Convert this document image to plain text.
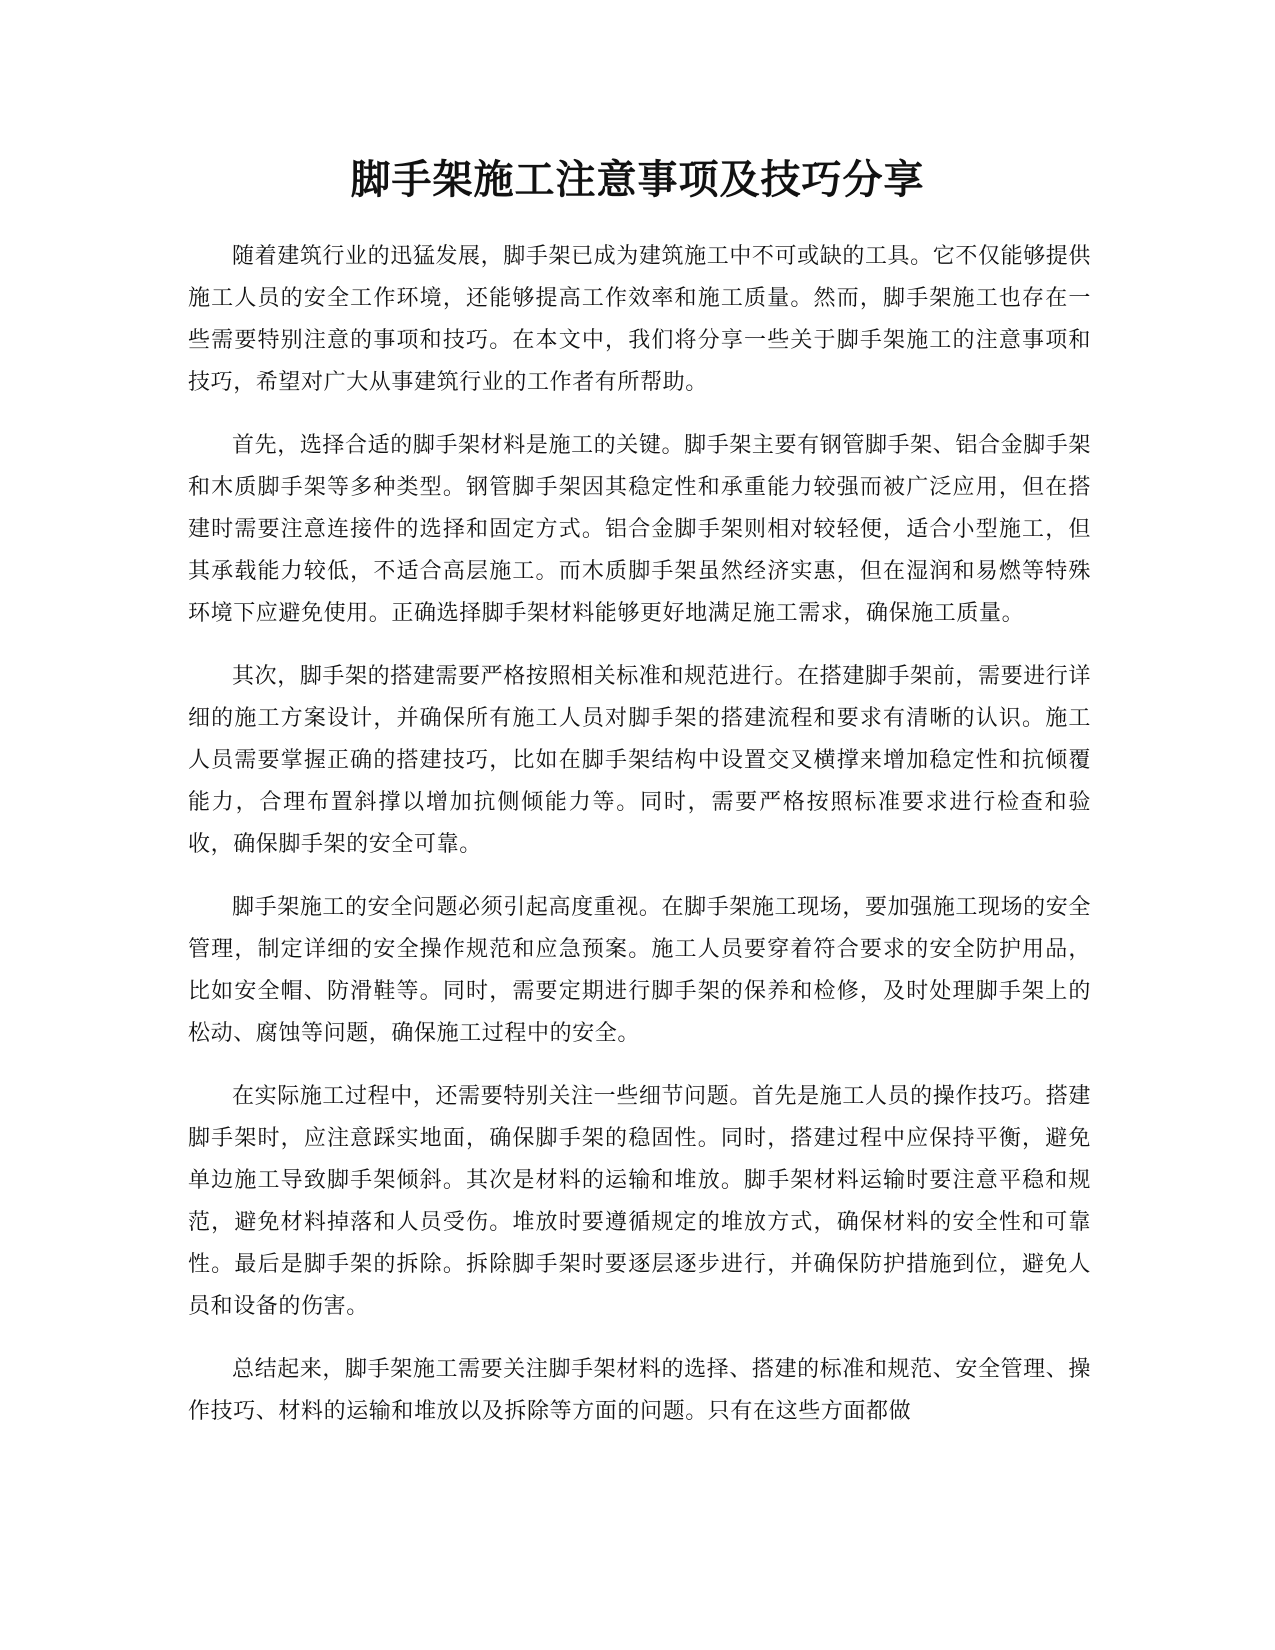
脚手架施工注意事项及技巧分享

随着建筑行业的迅猛发展，脚手架已成为建筑施工中不可或缺的工具。它不仅能够提供施工人员的安全工作环境，还能够提高工作效率和施工质量。然而，脚手架施工也存在一些需要特别注意的事项和技巧。在本文中，我们将分享一些关于脚手架施工的注意事项和技巧，希望对广大从事建筑行业的工作者有所帮助。

首先，选择合适的脚手架材料是施工的关键。脚手架主要有钢管脚手架、铝合金脚手架和木质脚手架等多种类型。钢管脚手架因其稳定性和承重能力较强而被广泛应用，但在搭建时需要注意连接件的选择和固定方式。铝合金脚手架则相对较轻便，适合小型施工，但其承载能力较低，不适合高层施工。而木质脚手架虽然经济实惠，但在湿润和易燃等特殊环境下应避免使用。正确选择脚手架材料能够更好地满足施工需求，确保施工质量。

其次，脚手架的搭建需要严格按照相关标准和规范进行。在搭建脚手架前，需要进行详细的施工方案设计，并确保所有施工人员对脚手架的搭建流程和要求有清晰的认识。施工人员需要掌握正确的搭建技巧，比如在脚手架结构中设置交叉横撑来增加稳定性和抗倾覆能力，合理布置斜撑以增加抗侧倾能力等。同时，需要严格按照标准要求进行检查和验收，确保脚手架的安全可靠。

脚手架施工的安全问题必须引起高度重视。在脚手架施工现场，要加强施工现场的安全管理，制定详细的安全操作规范和应急预案。施工人员要穿着符合要求的安全防护用品，比如安全帽、防滑鞋等。同时，需要定期进行脚手架的保养和检修，及时处理脚手架上的松动、腐蚀等问题，确保施工过程中的安全。

在实际施工过程中，还需要特别关注一些细节问题。首先是施工人员的操作技巧。搭建脚手架时，应注意踩实地面，确保脚手架的稳固性。同时，搭建过程中应保持平衡，避免单边施工导致脚手架倾斜。其次是材料的运输和堆放。脚手架材料运输时要注意平稳和规范，避免材料掉落和人员受伤。堆放时要遵循规定的堆放方式，确保材料的安全性和可靠性。最后是脚手架的拆除。拆除脚手架时要逐层逐步进行，并确保防护措施到位，避免人员和设备的伤害。

总结起来，脚手架施工需要关注脚手架材料的选择、搭建的标准和规范、安全管理、操作技巧、材料的运输和堆放以及拆除等方面的问题。只有在这些方面都做
